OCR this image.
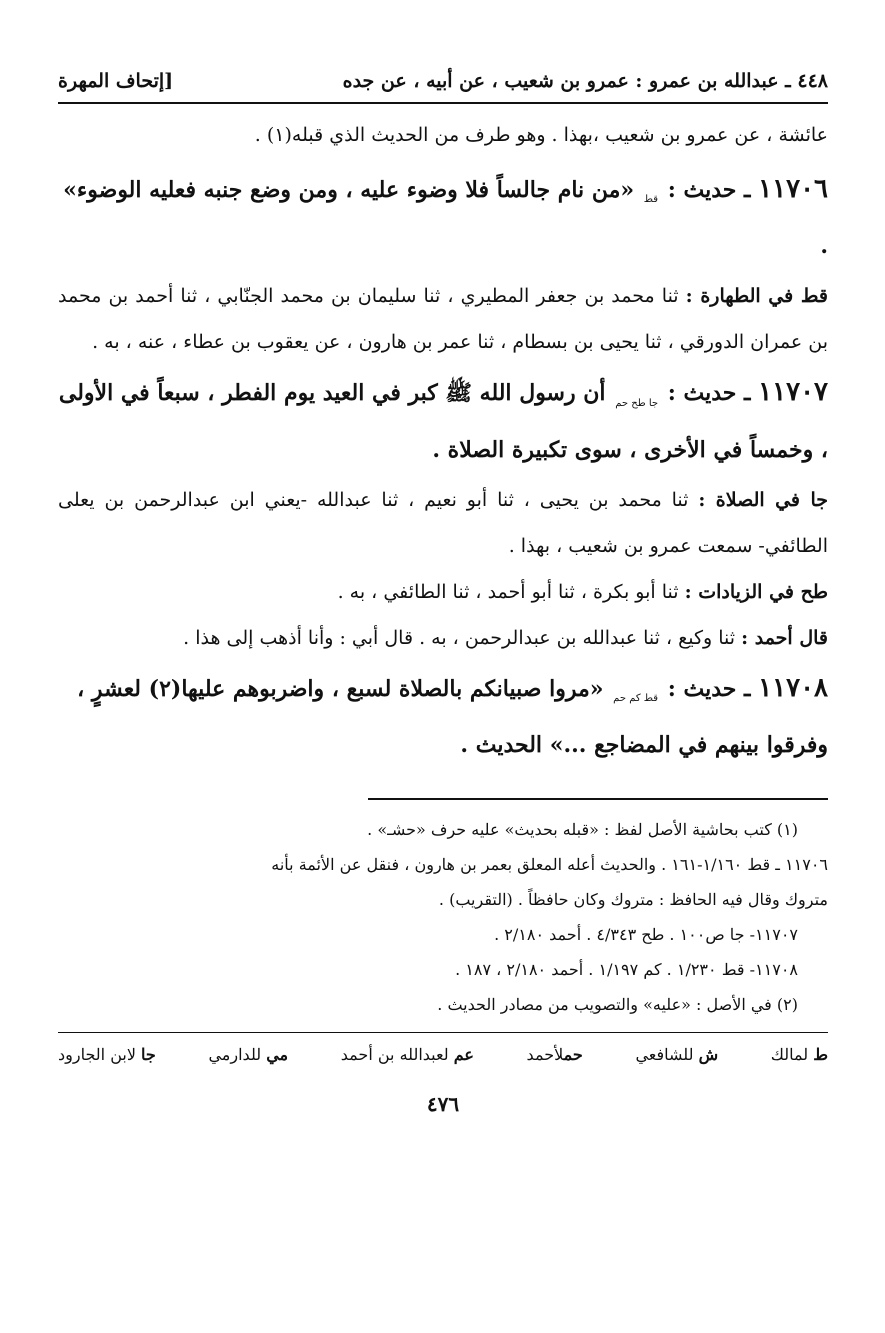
٤٤٨ ـ عبدالله بن عمرو : عمرو بن شعيب ، عن أبيه ، عن جده
[إتحاف المهرة

عائشة ، عن عمرو بن شعيب ،بهذا . وهو طرف من الحديث الذي قبله(١) .

١١٧٠٦ ـ حديث : $_{قط}$ «من نام جالساً فلا وضوء عليه ، ومن وضع جنبه فعليه الوضوء» .

قط في الطهارة : ثنا محمد بن جعفر المطيري ، ثنا سليمان بن محمد الجنّابي ، ثنا أحمد بن محمد بن عمران الدورقي ، ثنا يحيى بن بسطام ، ثنا عمر بن هارون ، عن يعقوب بن عطاء ، عنه ، به .

١١٧٠٧ ـ حديث : $_{جا طح حم}$ أن رسول الله ﷺ كبر في العيد يوم الفطر ، سبعاً في الأولى ، وخمساً في الأخرى ، سوى تكبيرة الصلاة .

جا في الصلاة : ثنا محمد بن يحيى ، ثنا أبو نعيم ، ثنا عبدالله -يعني ابن عبدالرحمن بن يعلى الطائفي- سمعت عمرو بن شعيب ، بهذا .

طح في الزيادات : ثنا أبو بكرة ، ثنا أبو أحمد ، ثنا الطائفي ، به .

قال أحمد : ثنا وكيع ، ثنا عبدالله بن عبدالرحمن ، به . قال أبي : وأنا أذهب إلى هذا .

١١٧٠٨ ـ حديث : $_{قط كم حم}$ «مروا صبيانكم بالصلاة لسبع ، واضربوهم عليها(٢) لعشرٍ ، وفرقوا بينهم في المضاجع ...» الحديث .

(١) كتب بحاشية الأصل لفظ : «قبله بحديث» عليه حرف «حشـ» .

١١٧٠٦ ـ قط ١/١٦٠-١٦١ . والحديث أعله المعلق بعمر بن هارون ، فنقل عن الأئمة بأنه

متروك وقال فيه الحافظ : متروك وكان حافظاً . (التقريب) .

١١٧٠٧- جا ص١٠٠ . طح ٤/٣٤٣ . أحمد ٢/١٨٠ .

١١٧٠٨- قط ١/٢٣٠ . كم ١/١٩٧ . أحمد ٢/١٨٠ ، ١٨٧ .

(٢) في الأصل : «عليه» والتصويب من مصادر الحديث .

ط لمالك
ش للشافعي
حملأحمد
عم لعبدالله بن أحمد
مي للدارمي
جا لابن الجارود
٤٧٦
